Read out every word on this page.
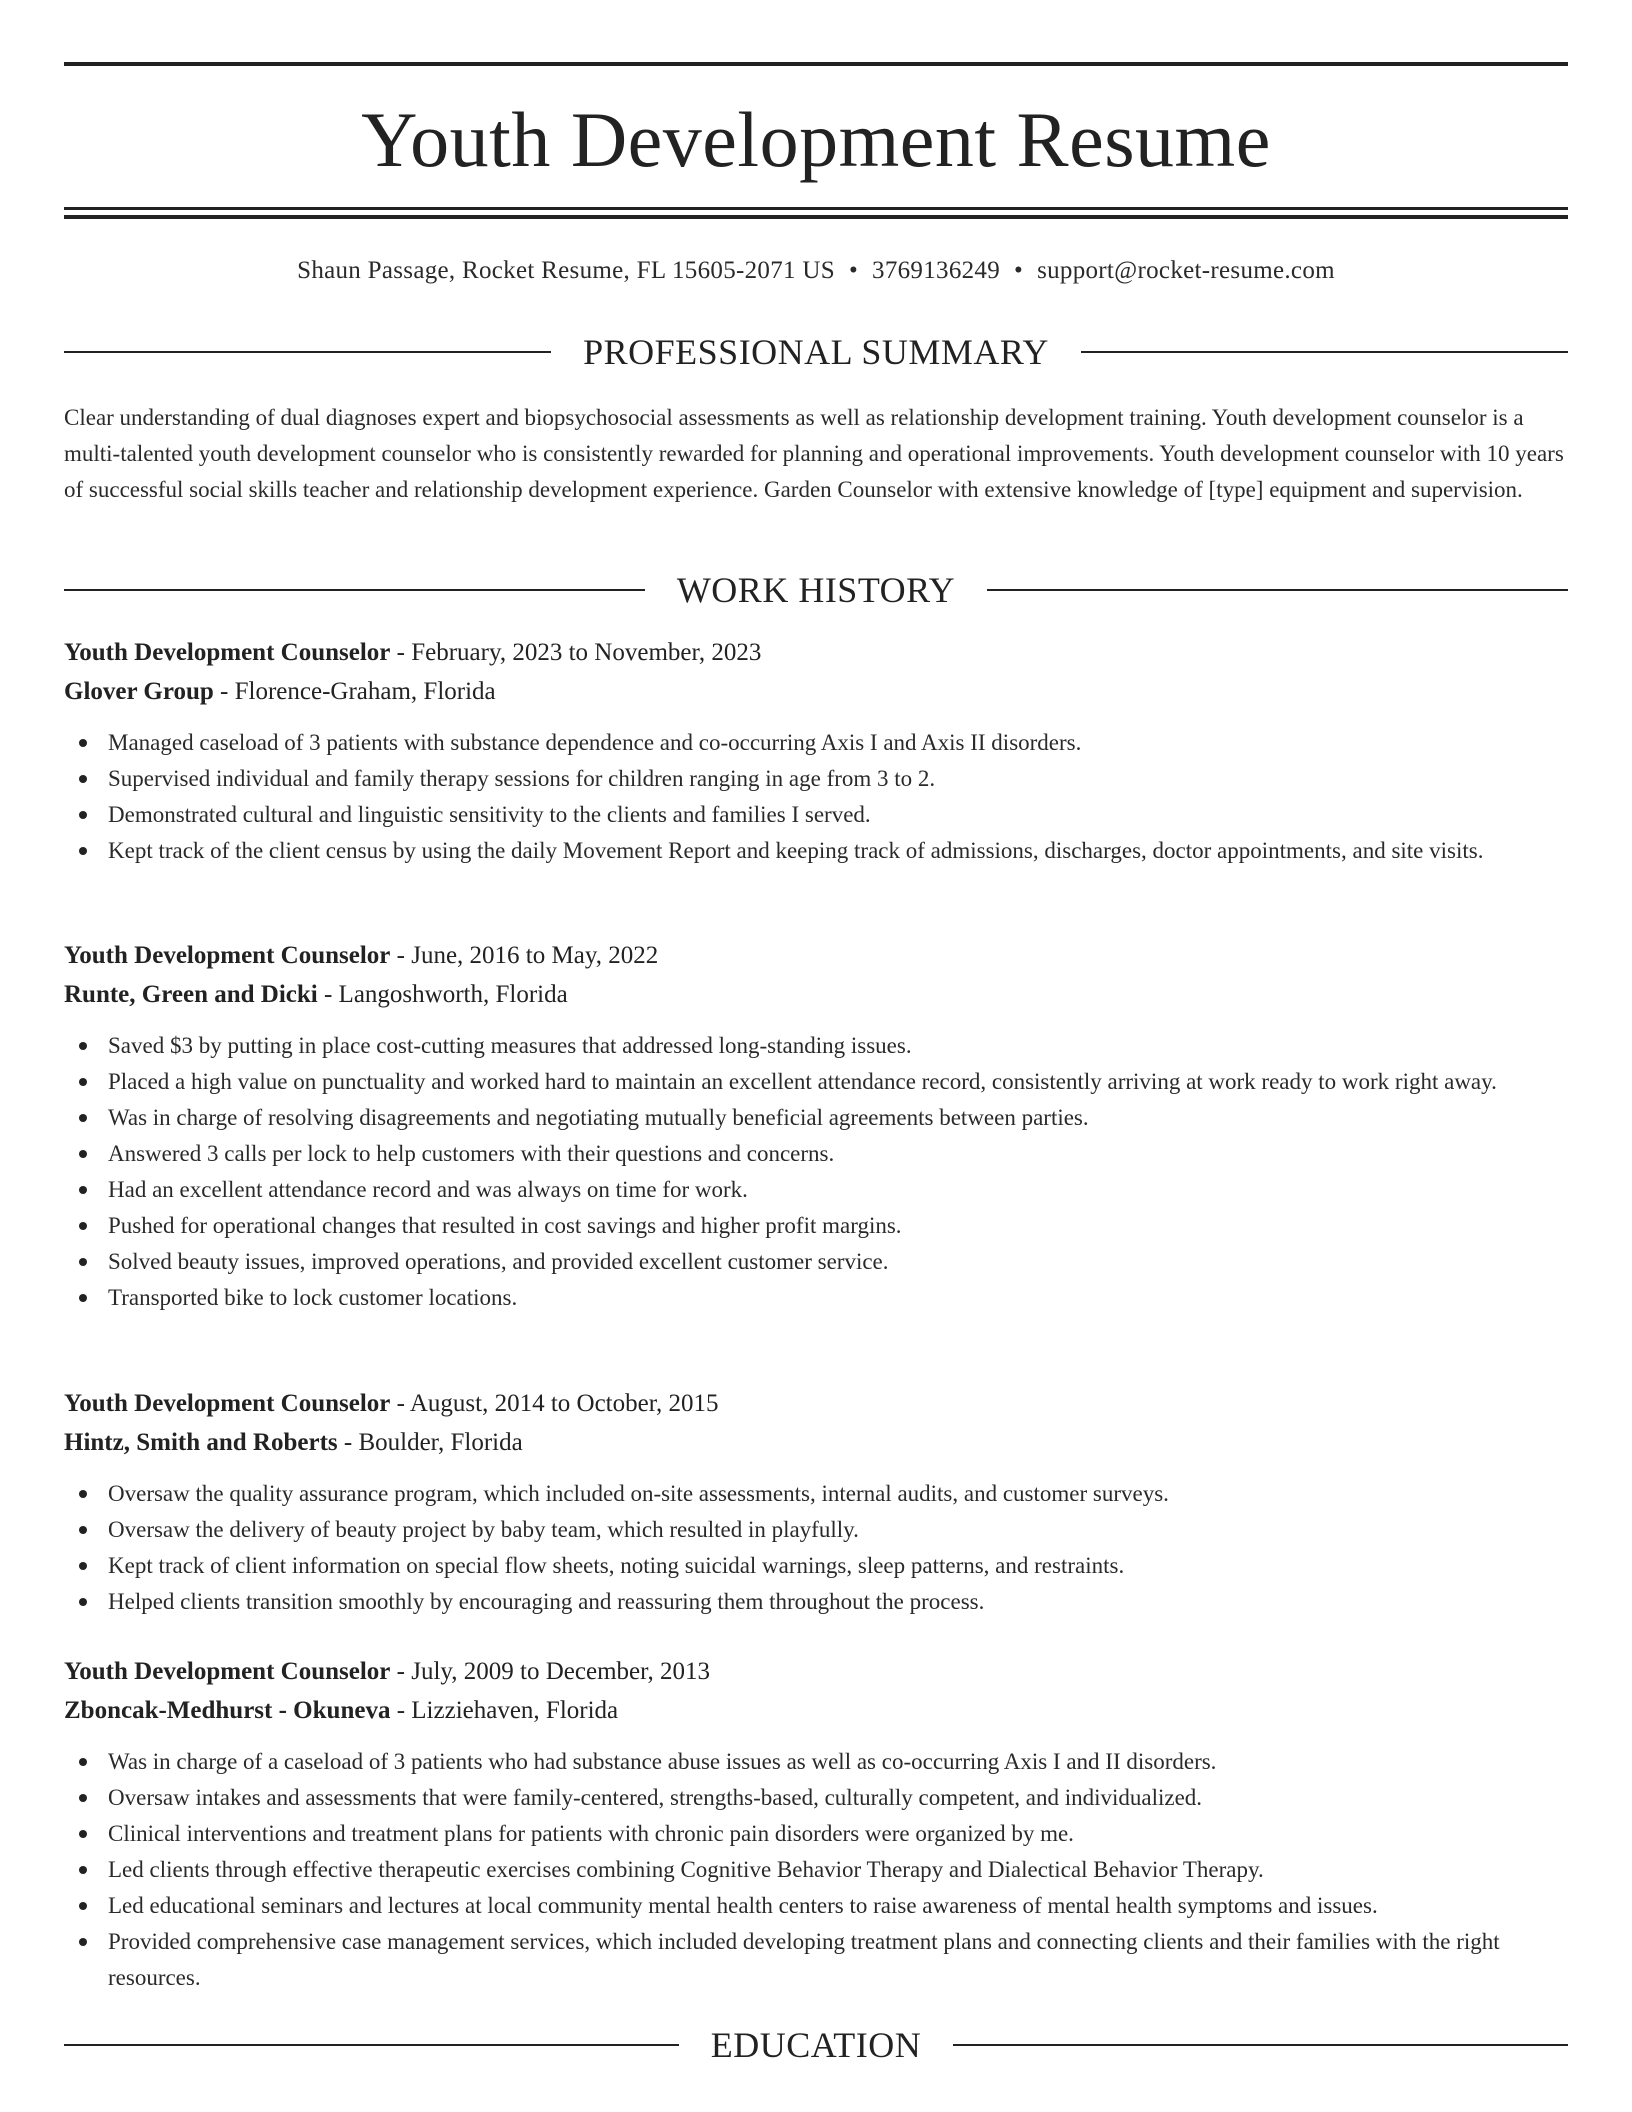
Youth Development Resume
Shaun Passage, Rocket Resume, FL 15605-2071 US • 3769136249 • support@rocket-resume.com
PROFESSIONAL SUMMARY
Clear understanding of dual diagnoses expert and biopsychosocial assessments as well as relationship development training. Youth development counselor is a multi-talented youth development counselor who is consistently rewarded for planning and operational improvements. Youth development counselor with 10 years of successful social skills teacher and relationship development experience. Garden Counselor with extensive knowledge of [type] equipment and supervision.
WORK HISTORY
Youth Development Counselor - February, 2023 to November, 2023
Glover Group - Florence-Graham, Florida
Managed caseload of 3 patients with substance dependence and co-occurring Axis I and Axis II disorders.
Supervised individual and family therapy sessions for children ranging in age from 3 to 2.
Demonstrated cultural and linguistic sensitivity to the clients and families I served.
Kept track of the client census by using the daily Movement Report and keeping track of admissions, discharges, doctor appointments, and site visits.
Youth Development Counselor - June, 2016 to May, 2022
Runte, Green and Dicki - Langoshworth, Florida
Saved $3 by putting in place cost-cutting measures that addressed long-standing issues.
Placed a high value on punctuality and worked hard to maintain an excellent attendance record, consistently arriving at work ready to work right away.
Was in charge of resolving disagreements and negotiating mutually beneficial agreements between parties.
Answered 3 calls per lock to help customers with their questions and concerns.
Had an excellent attendance record and was always on time for work.
Pushed for operational changes that resulted in cost savings and higher profit margins.
Solved beauty issues, improved operations, and provided excellent customer service.
Transported bike to lock customer locations.
Youth Development Counselor - August, 2014 to October, 2015
Hintz, Smith and Roberts - Boulder, Florida
Oversaw the quality assurance program, which included on-site assessments, internal audits, and customer surveys.
Oversaw the delivery of beauty project by baby team, which resulted in playfully.
Kept track of client information on special flow sheets, noting suicidal warnings, sleep patterns, and restraints.
Helped clients transition smoothly by encouraging and reassuring them throughout the process.
Youth Development Counselor - July, 2009 to December, 2013
Zboncak-Medhurst - Okuneva - Lizziehaven, Florida
Was in charge of a caseload of 3 patients who had substance abuse issues as well as co-occurring Axis I and II disorders.
Oversaw intakes and assessments that were family-centered, strengths-based, culturally competent, and individualized.
Clinical interventions and treatment plans for patients with chronic pain disorders were organized by me.
Led clients through effective therapeutic exercises combining Cognitive Behavior Therapy and Dialectical Behavior Therapy.
Led educational seminars and lectures at local community mental health centers to raise awareness of mental health symptoms and issues.
Provided comprehensive case management services, which included developing treatment plans and connecting clients and their families with the right resources.
EDUCATION
